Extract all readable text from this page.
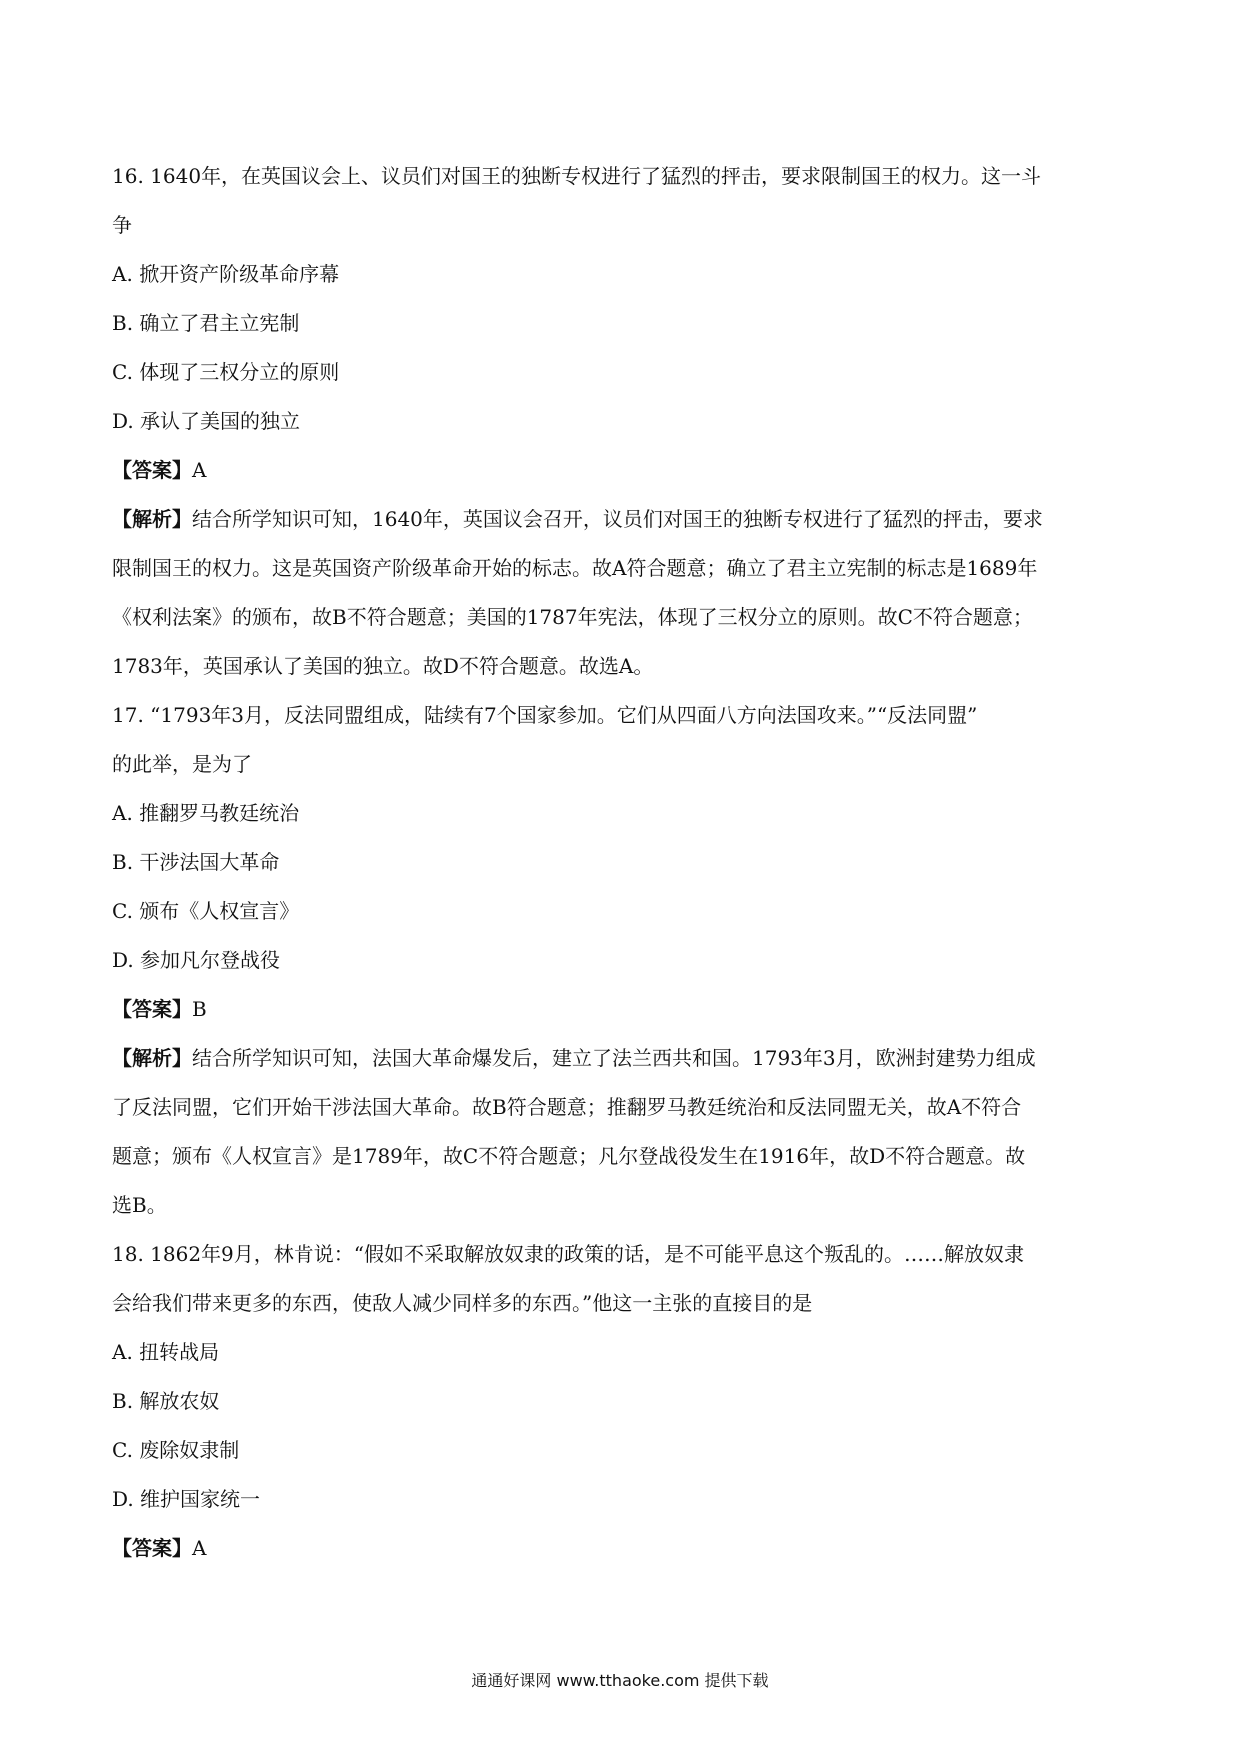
16. 1640年，在英国议会上、议员们对国王的独断专权进行了猛烈的抨击，要求限制国王的权力。这一斗
争
A. 掀开资产阶级革命序幕
B. 确立了君主立宪制
C. 体现了三权分立的原则
D. 承认了美国的独立
【答案】A
【解析】结合所学知识可知，1640年，英国议会召开，议员们对国王的独断专权进行了猛烈的抨击，要求
限制国王的权力。这是英国资产阶级革命开始的标志。故A符合题意；确立了君主立宪制的标志是1689年
《权利法案》的颁布，故B不符合题意；美国的1787年宪法，体现了三权分立的原则。故C不符合题意；
1783年，英国承认了美国的独立。故D不符合题意。故选A。
17. “1793年3月，反法同盟组成，陆续有7个国家参加。它们从四面八方向法国攻来。”“反法同盟”
的此举，是为了
A. 推翻罗马教廷统治
B. 干涉法国大革命
C. 颁布《人权宣言》
D. 参加凡尔登战役
【答案】B
【解析】结合所学知识可知，法国大革命爆发后，建立了法兰西共和国。1793年3月，欧洲封建势力组成
了反法同盟，它们开始干涉法国大革命。故B符合题意；推翻罗马教廷统治和反法同盟无关，故A不符合
题意；颁布《人权宣言》是1789年，故C不符合题意；凡尔登战役发生在1916年，故D不符合题意。故
选B。
18. 1862年9月，林肯说：“假如不采取解放奴隶的政策的话，是不可能平息这个叛乱的。……解放奴隶
会给我们带来更多的东西，使敌人减少同样多的东西。”他这一主张的直接目的是
A. 扭转战局
B. 解放农奴
C. 废除奴隶制
D. 维护国家统一
【答案】A
通通好课网 www.tthaoke.com 提供下载
